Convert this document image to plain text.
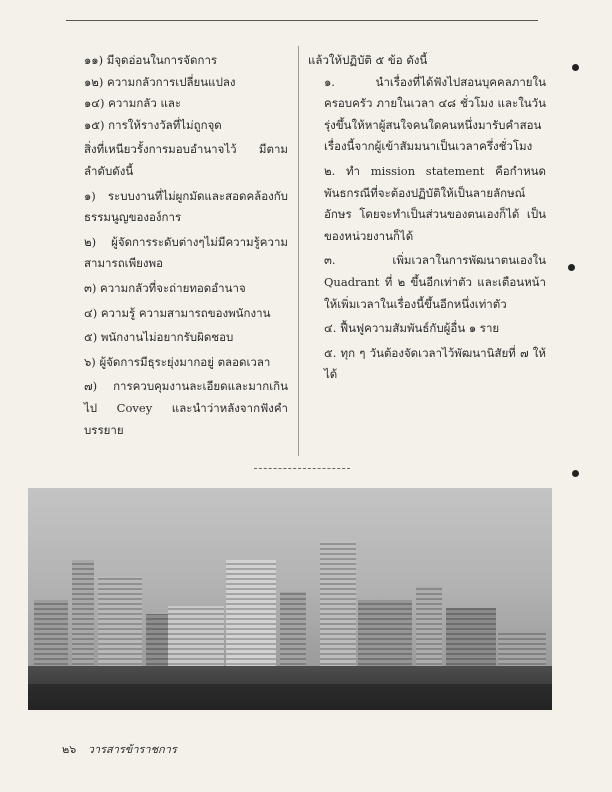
๑๑) มีจุดอ่อนในการจัดการ

๑๒) ความกลัวการเปลี่ยนแปลง

๑๔) ความกลัว และ

๑๕) การให้รางวัลที่ไม่ถูกจุด

สิ่งที่เหนียวรั้งการมอบอำนาจไว้ มีตามลำดับดังนี้

๑) ระบบงานที่ไม่ผูกมัดและสอดคล้องกับธรรมนูญขององ์การ

๒) ผู้จัดการระดับต่างๆไม่มีความรู้ความสามารถเพียงพอ

๓) ความกลัวที่จะถ่ายทอดอำนาจ

๔) ความรู้ ความสามารถของพนักงาน

๕) พนักงานไม่อยากรับผิดชอบ

๖) ผู้จัดการมีธุระยุ่งมากอยู่ ตลอดเวลา

๗) การควบคุมงานละเอียดและมากเกินไป Covey และนำว่าหลังจากฟังคำบรรยาย

แล้วให้ปฏิบัติ ๕ ข้อ ดังนี้

๑. นำเรื่องที่ได้ฟังไปสอนบุคคลภายในครอบครัว ภายในเวลา ๔๘ ชั่วโมง และในวันรุ่งขึ้นให้หาผู้สนใจคนใดคนหนึ่งมารับคำสอนเรื่องนี้จากผู้เข้าสัมมนาเป็นเวลาครึ่งชั่วโมง

๒. ทำ mission statement คือกำหนดพันธกรณีที่จะต้องปฏิบัติให้เป็นลายลักษณ์อักษร โดยจะทำเป็นส่วนของตนเองก็ได้ เป็นของหน่วยงานก็ได้

๓. เพิ่มเวลาในการพัฒนาตนเองใน Quadrant ที่ ๒ ขึ้นอีกเท่าตัว และเตือนหน้าให้เพิ่มเวลาในเรื่องนี้ขึ้นอีกหนึ่งเท่าตัว

๔. ฟื้นฟูความสัมพันธ์กับผู้อื่น ๑ ราย

๕. ทุก ๆ วันต้องจัดเวลาไว้พัฒนานิสัยที่ ๗ ให้ได้

๒๖ วารสารข้าราชการ
